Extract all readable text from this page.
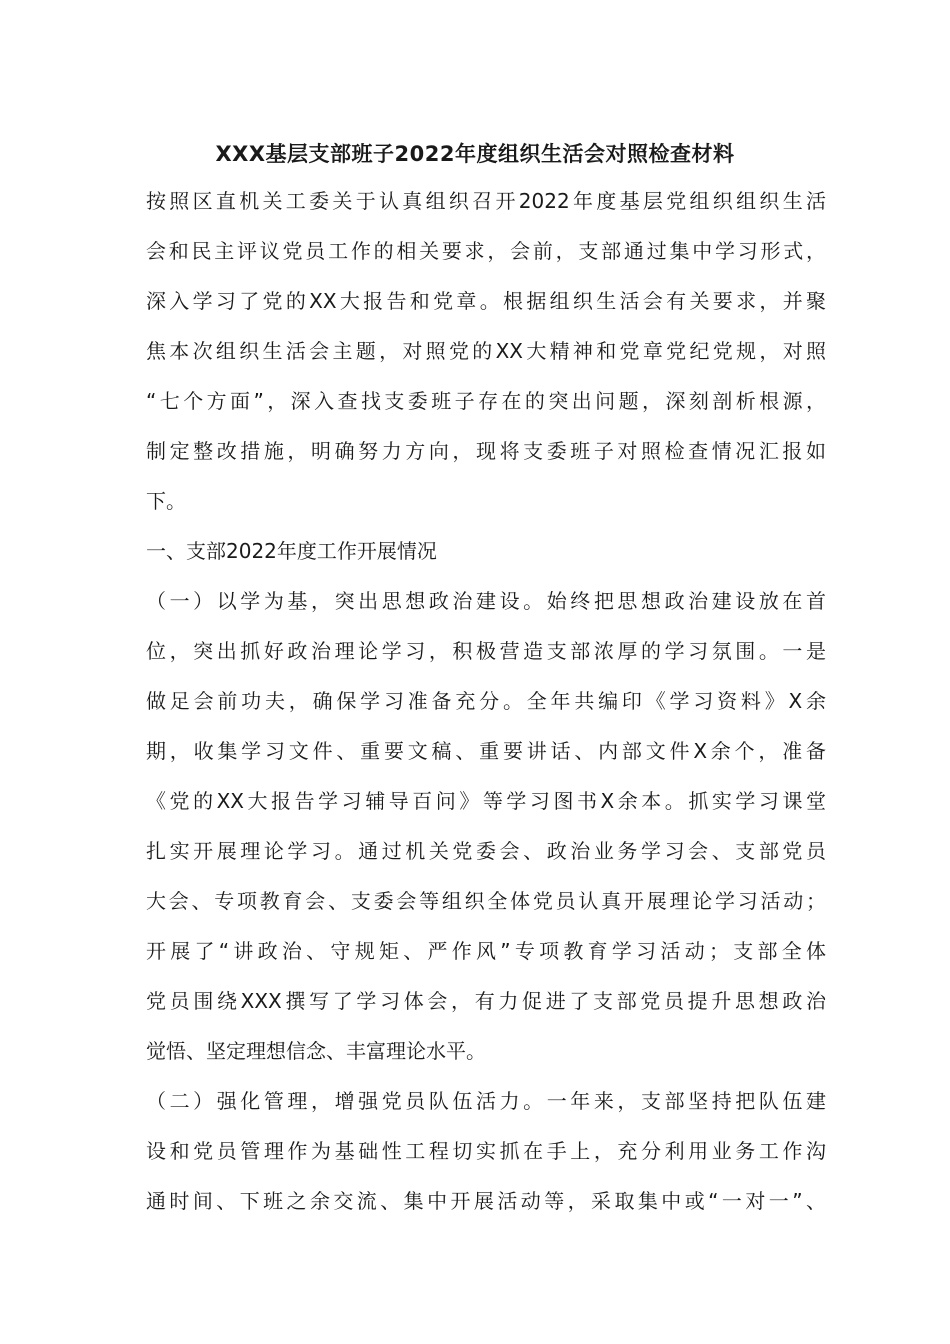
XXX基层支部班子2022年度组织生活会对照检查材料

按照区直机关工委关于认真组织召开2022年度基层党组织组织生活

会和民主评议党员工作的相关要求，会前，支部通过集中学习形式，

深入学习了党的XX大报告和党章。根据组织生活会有关要求，并聚

焦本次组织生活会主题，对照党的XX大精神和党章党纪党规，对照

“七个方面”，深入查找支委班子存在的突出问题，深刻剖析根源，

制定整改措施，明确努力方向，现将支委班子对照检查情况汇报如

下。

一、支部2022年度工作开展情况

（一）以学为基，突出思想政治建设。始终把思想政治建设放在首

位，突出抓好政治理论学习，积极营造支部浓厚的学习氛围。一是

做足会前功夫，确保学习准备充分。全年共编印《学习资料》X余

期，收集学习文件、重要文稿、重要讲话、内部文件X余个，准备

《党的XX大报告学习辅导百问》等学习图书X余本。抓实学习课堂

扎实开展理论学习。通过机关党委会、政治业务学习会、支部党员

大会、专项教育会、支委会等组织全体党员认真开展理论学习活动；

开展了“讲政治、守规矩、严作风”专项教育学习活动；支部全体

党员围绕XXX撰写了学习体会，有力促进了支部党员提升思想政治

觉悟、坚定理想信念、丰富理论水平。

（二）强化管理，增强党员队伍活力。一年来，支部坚持把队伍建

设和党员管理作为基础性工程切实抓在手上，充分利用业务工作沟

通时间、下班之余交流、集中开展活动等，采取集中或“一对一”、
